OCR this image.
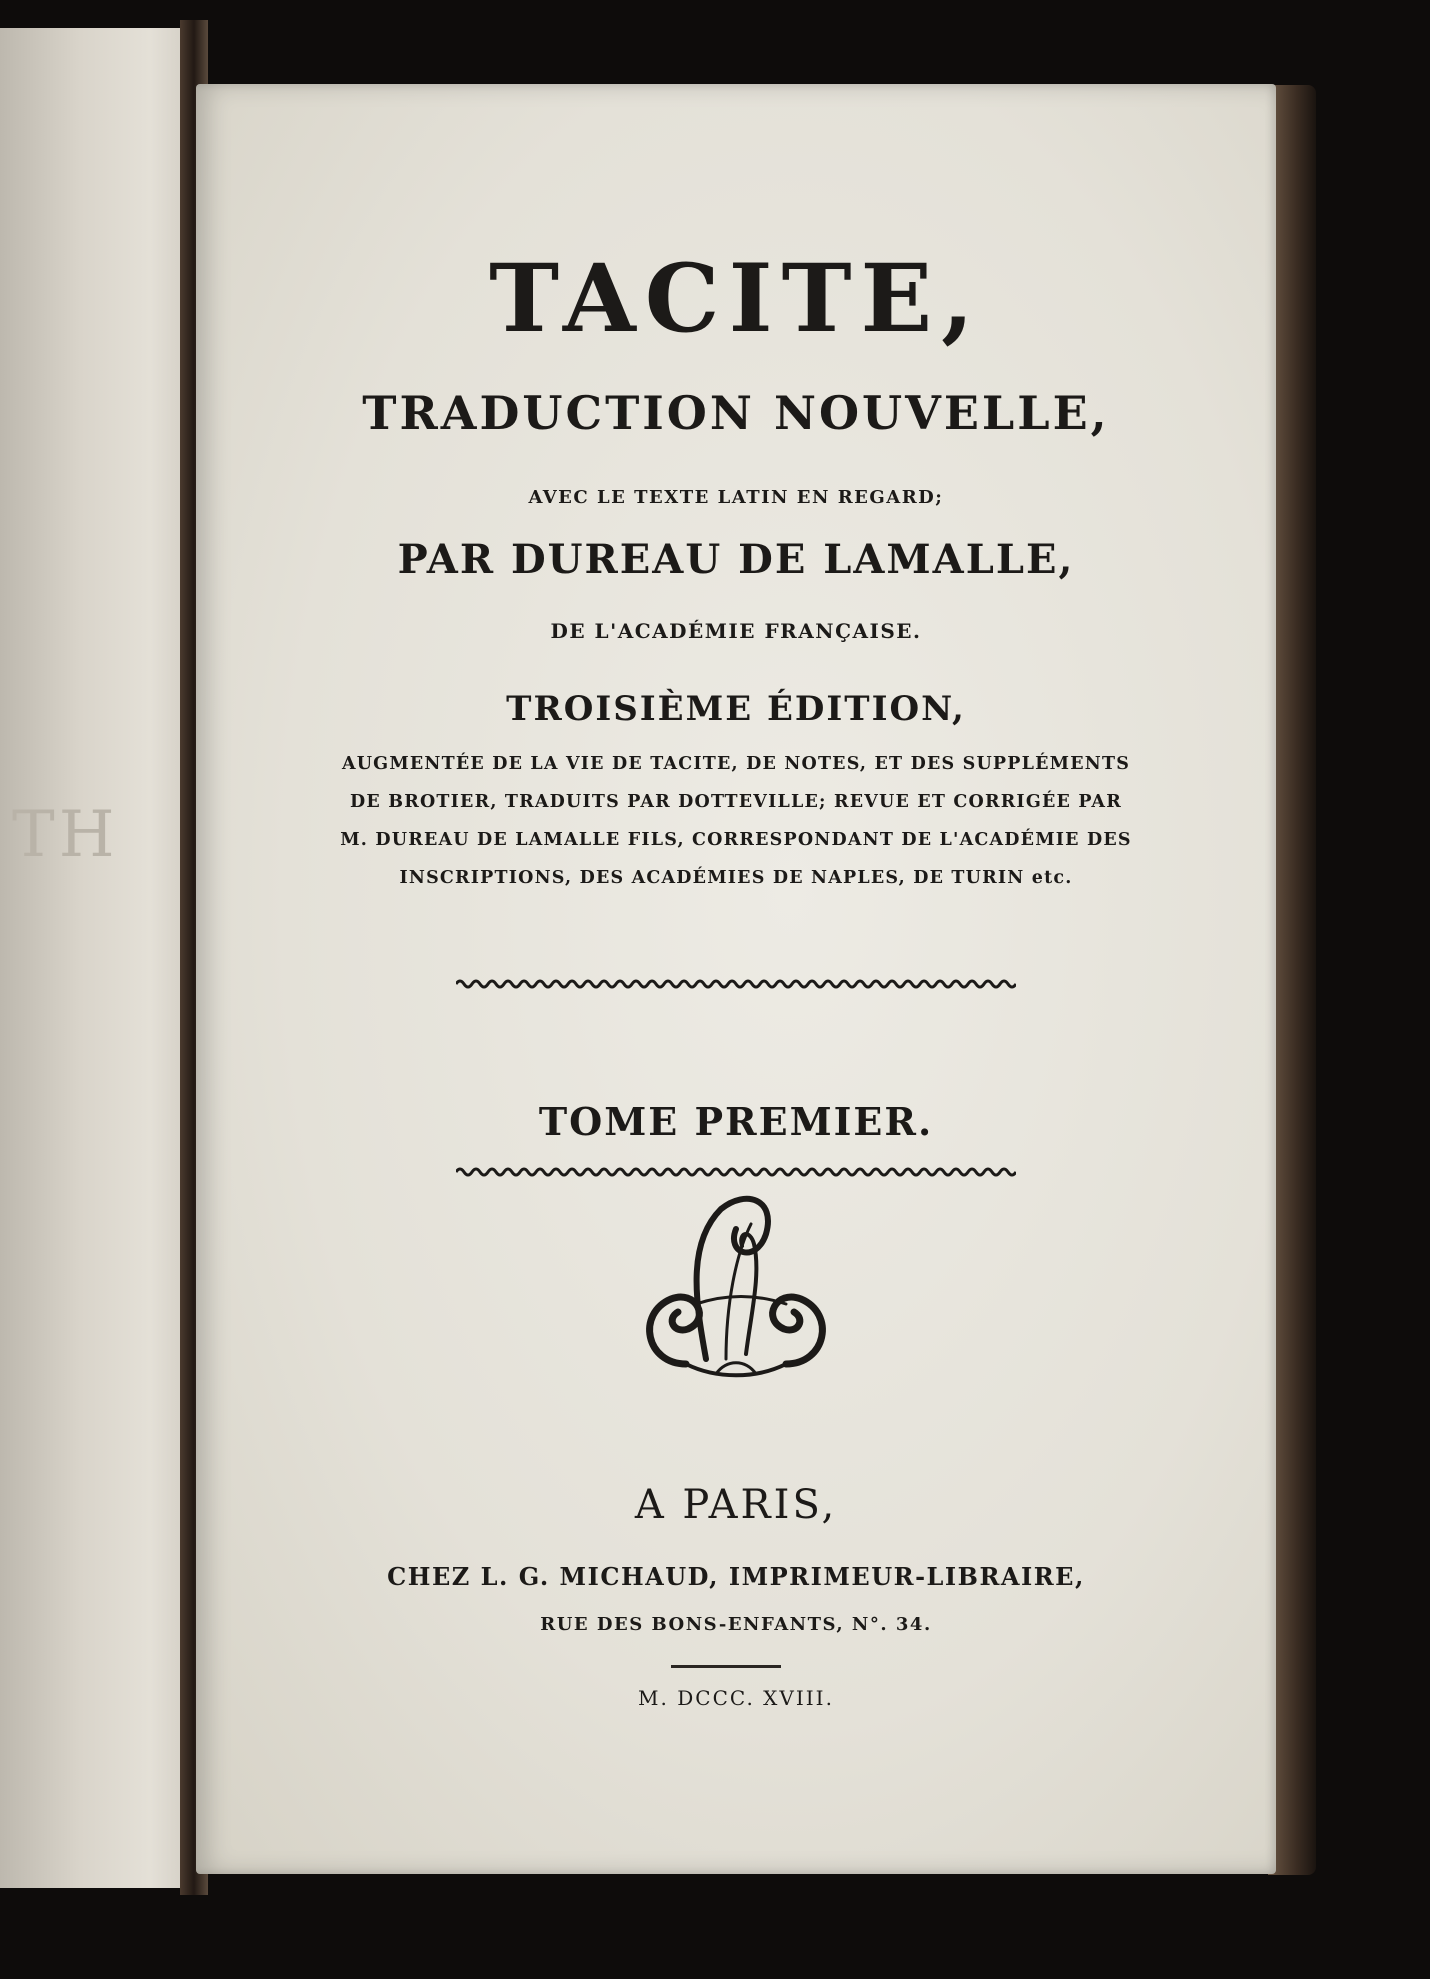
TH
TACITE,
TRADUCTION NOUVELLE,
AVEC LE TEXTE LATIN EN REGARD;
PAR DUREAU DE LAMALLE,
DE L'ACADÉMIE FRANÇAISE.
TROISIÈME ÉDITION,
AUGMENTÉE DE LA VIE DE TACITE, DE NOTES, ET DES SUPPLÉMENTS
DE BROTIER, TRADUITS PAR DOTTEVILLE; REVUE ET CORRIGÉE PAR
M. DUREAU DE LAMALLE FILS, CORRESPONDANT DE L'ACADÉMIE DES
INSCRIPTIONS, DES ACADÉMIES DE NAPLES, DE TURIN etc.
TOME PREMIER.
A PARIS,
CHEZ L. G. MICHAUD, IMPRIMEUR-LIBRAIRE,
RUE DES BONS-ENFANTS, N°. 34.
M. DCCC. XVIII.
